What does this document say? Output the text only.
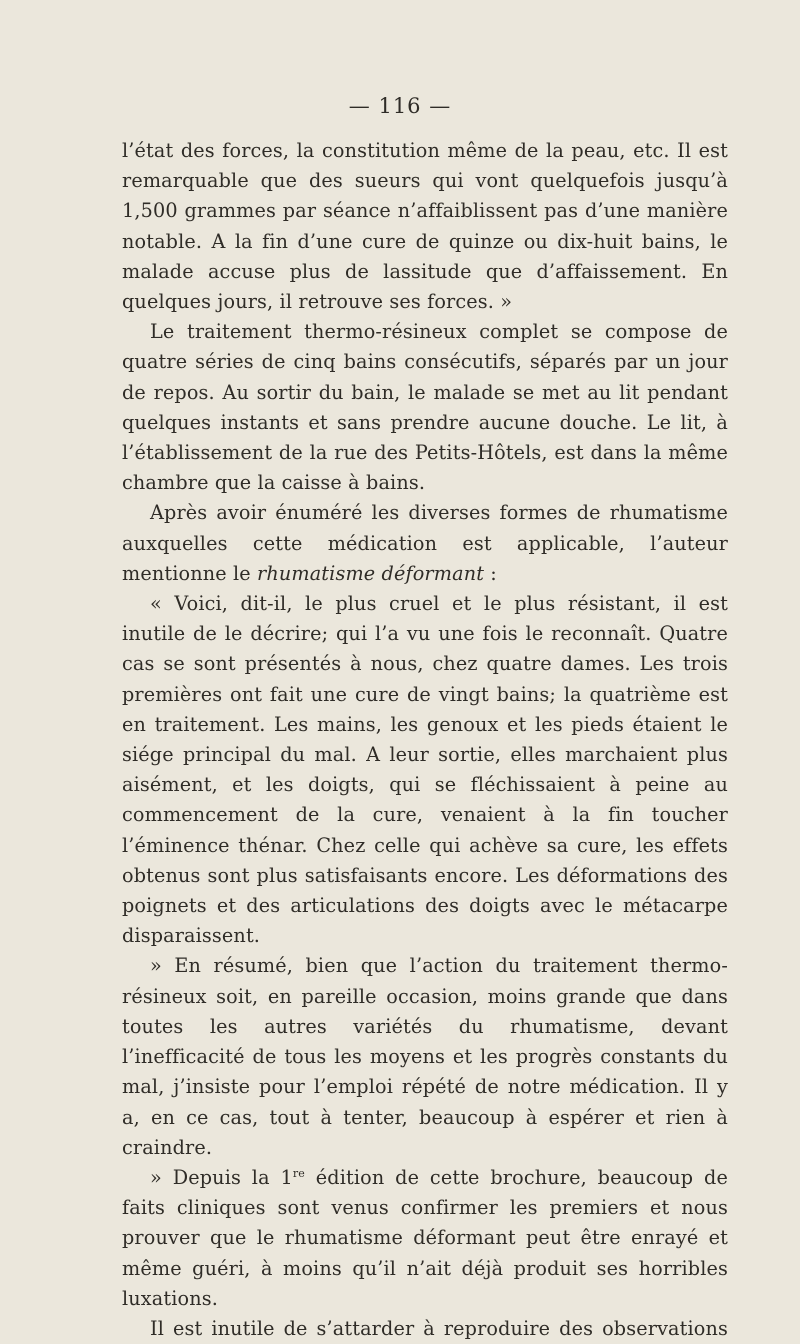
— 116 —

l’état des forces, la constitution même de la peau, etc. Il est remarquable que des sueurs qui vont quelquefois jusqu’à 1,500 grammes par séance n’affaiblissent pas d’une manière notable. A la fin d’une cure de quinze ou dix-huit bains, le malade accuse plus de lassitude que d’affaissement. En quelques jours, il retrouve ses forces. »

Le traitement thermo-résineux complet se compose de quatre séries de cinq bains consécutifs, séparés par un jour de repos. Au sortir du bain, le malade se met au lit pendant quelques instants et sans prendre aucune douche. Le lit, à l’établissement de la rue des Petits-Hôtels, est dans la même chambre que la caisse à bains.

Après avoir énuméré les diverses formes de rhumatisme auxquelles cette médication est applicable, l’auteur mentionne le rhumatisme déformant :

« Voici, dit-il, le plus cruel et le plus résistant, il est inutile de le décrire; qui l’a vu une fois le reconnaît. Quatre cas se sont présentés à nous, chez quatre dames. Les trois premières ont fait une cure de vingt bains; la quatrième est en traitement. Les mains, les genoux et les pieds étaient le siége principal du mal. A leur sortie, elles marchaient plus aisément, et les doigts, qui se fléchissaient à peine au commencement de la cure, venaient à la fin toucher l’éminence thénar. Chez celle qui achève sa cure, les effets obtenus sont plus satisfaisants encore. Les déformations des poignets et des articulations des doigts avec le métacarpe disparaissent.

» En résumé, bien que l’action du traitement thermo-résineux soit, en pareille occasion, moins grande que dans toutes les autres variétés du rhumatisme, devant l’inefficacité de tous les moyens et les progrès constants du mal, j’insiste pour l’emploi répété de notre médication. Il y a, en ce cas, tout à tenter, beaucoup à espérer et rien à craindre.

» Depuis la 1re édition de cette brochure, beaucoup de faits cliniques sont venus confirmer les premiers et nous prouver que le rhumatisme déformant peut être enrayé et même guéri, à moins qu’il n’ait déjà produit ses horribles luxations.

Il est inutile de s’attarder à reproduire des observations
